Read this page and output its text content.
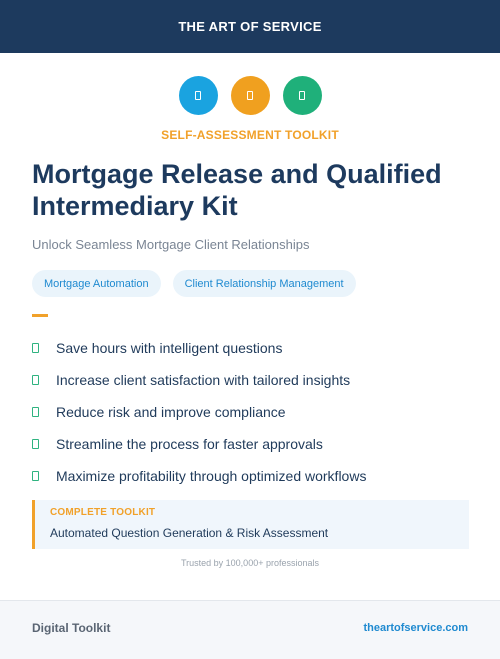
THE ART OF SERVICE
SELF-ASSESSMENT TOOLKIT
Mortgage Release and Qualified Intermediary Kit

Unlock Seamless Mortgage Client Relationships

Mortgage Automation	Client Relationship Management
Save hours with intelligent questions
Increase client satisfaction with tailored insights
Reduce risk and improve compliance
Streamline the process for faster approvals
Maximize profitability through optimized workflows
COMPLETE TOOLKIT
Automated Question Generation & Risk Assessment
Trusted by 100,000+ professionals
Digital Toolkit	theartofservice.com
